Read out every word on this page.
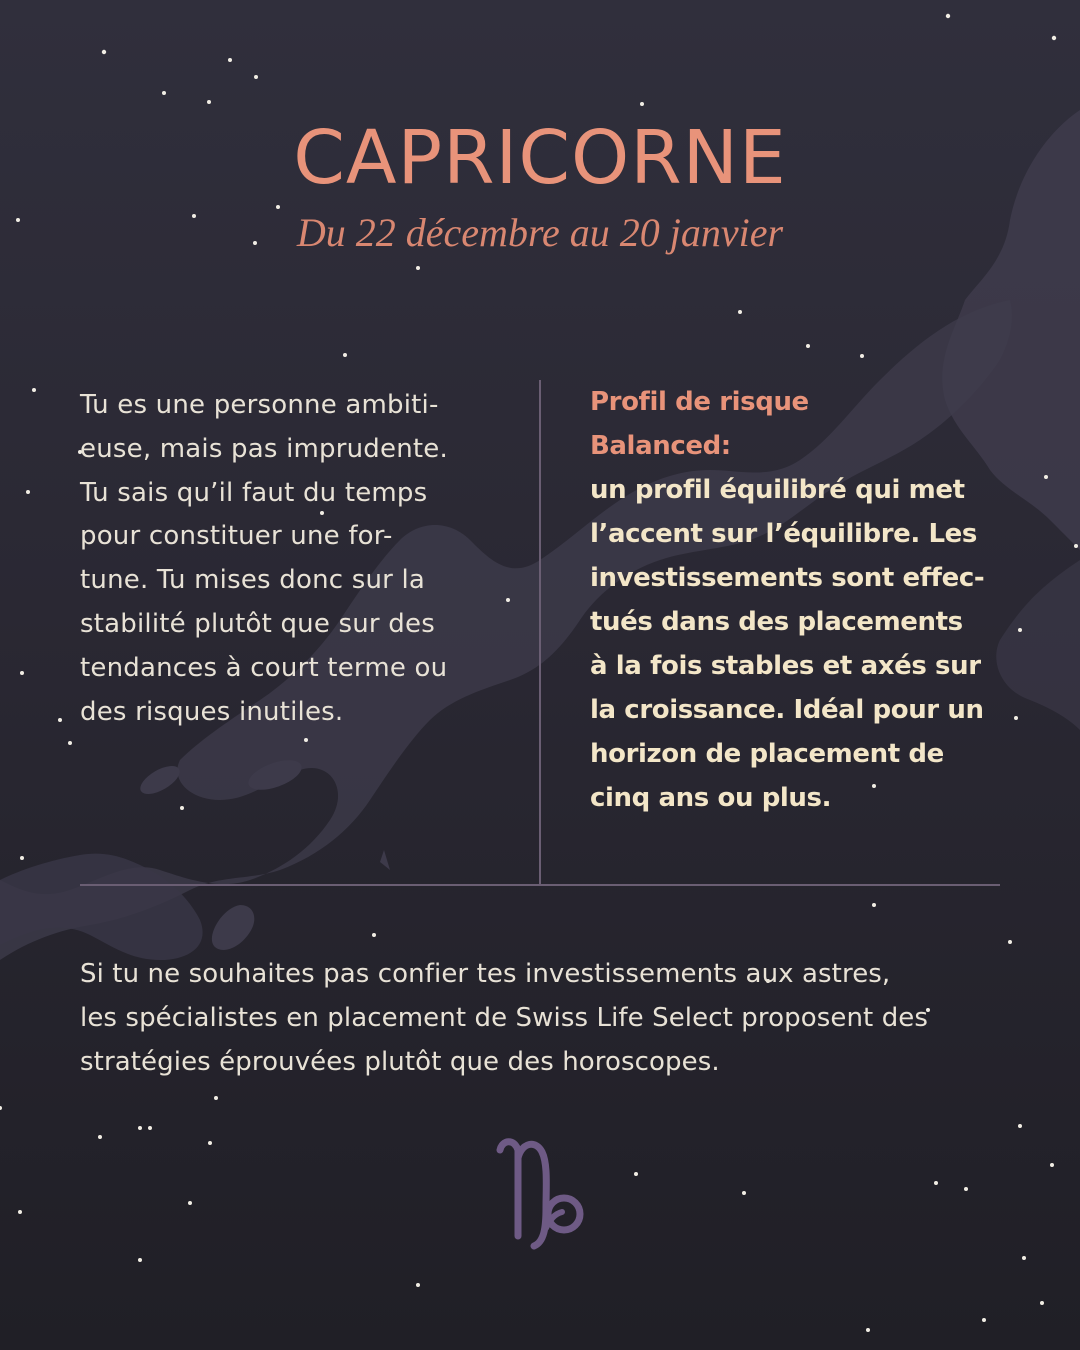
CAPRICORNE
Du 22 décembre au 20 janvier

Tu es une personne ambiti-
euse, mais pas imprudente.
Tu sais qu’il faut du temps
pour constituer une for-
tune. Tu mises donc sur la
stabilité plutôt que sur des
tendances à court terme ou
des risques inutiles.

Profil de risque
Balanced:

un profil équilibré qui met
l’accent sur l’équilibre. Les
investissements sont effec-
tués dans des placements
à la fois stables et axés sur
la croissance. Idéal pour un
horizon de placement de
cinq ans ou plus.

Si tu ne souhaites pas confier tes investissements aux astres,
les spécialistes en placement de Swiss Life Select proposent des
stratégies éprouvées plutôt que des horoscopes.
